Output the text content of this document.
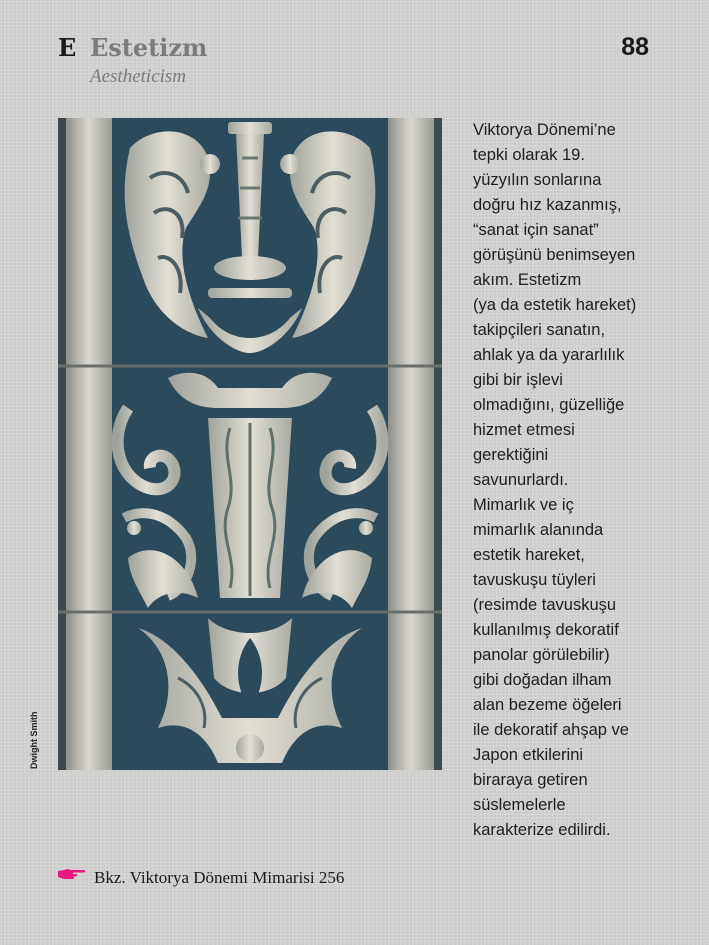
E Estetizm
Aestheticism
88
Dwight Smith
Viktorya Dönemi’ne
tepki olarak 19.
yüzyılın sonlarına
doğru hız kazanmış,
“sanat için sanat”
görüşünü benimseyen
akım. Estetizm
(ya da estetik hareket)
takipçileri sanatın,
ahlak ya da yararlılık
gibi bir işlevi
olmadığını, güzelliğe
hizmet etmesi
gerektiğini
savunurlardı.
Mimarlık ve iç
mimarlık alanında
estetik hareket,
tavuskuşu tüyleri
(resimde tavuskuşu
kullanılmış dekoratif
panolar görülebilir)
gibi doğadan ilham
alan bezeme öğeleri
ile dekoratif ahşap ve
Japon etkilerini
biraraya getiren
süslemelerle
karakterize edilirdi.
Bkz. Viktorya Dönemi Mimarisi 256
